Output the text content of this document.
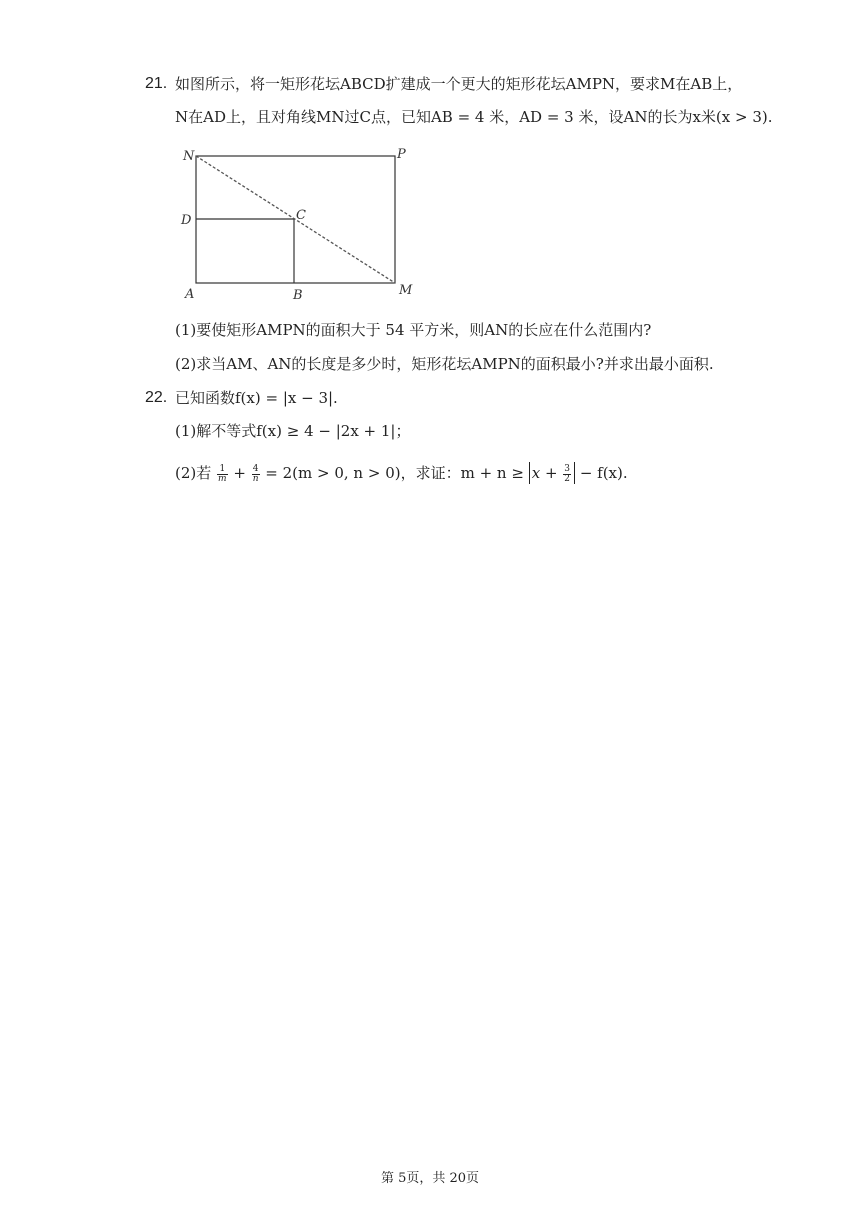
21. 如图所示，将一矩形花坛ABCD扩建成一个更大的矩形花坛AMPN，要求M在AB上，
N在AD上，且对角线MN过C点，已知AB = 4 米，AD = 3 米，设AN的长为x米(x > 3).
N	P
D	C
A	B	M
(1)要使矩形AMPN的面积大于 54 平方米，则AN的长应在什么范围内?
(2)求当AM、AN的长度是多少时，矩形花坛AMPN的面积最小?并求出最小面积.
22. 已知函数f(x) = |x − 3|.
(1)解不等式f(x) ≥ 4 − |2x + 1|；
(2)若 $\frac{1}{m} + \frac{4}{n} = 2(m > 0$, n > 0)，求证：$m + n \ge x + \frac{3}{2} - f(x)$.
第 5页，共 20页
